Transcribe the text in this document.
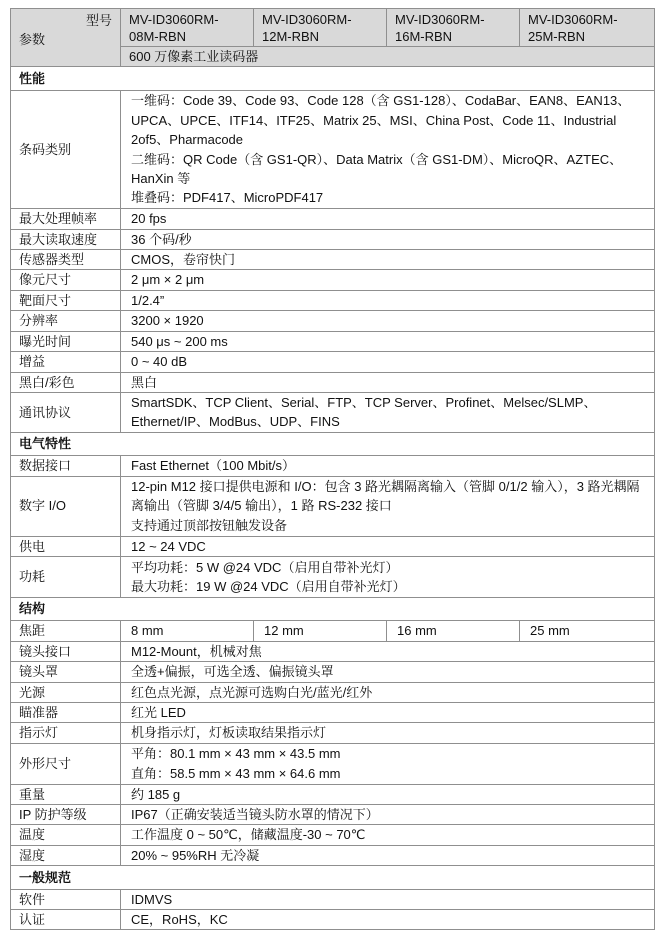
型号
参数	MV-ID3060RM-08M-RBN	MV-ID3060RM-12M-RBN	MV-ID3060RM-16M-RBN	MV-ID3060RM-25M-RBN
	600 万像素工业读码器			
性能				
条码类别	一维码：Code 39、Code 93、Code 128（含 GS1-128）、CodaBar、EAN8、EAN13、UPCA、UPCE、ITF14、ITF25、Matrix 25、MSI、China Post、Code 11、Industrial 2of5、Pharmacode
二维码：QR Code（含 GS1-QR）、Data Matrix（含 GS1-DM）、MicroQR、AZTEC、HanXin 等
堆叠码：PDF417、MicroPDF417			

最大处理帧率	20 fps			
最大读取速度	36 个码/秒			
传感器类型	CMOS，卷帘快门			
像元尺寸	2 μm × 2 μm			
靶面尺寸	1/2.4”			
分辨率	3200 × 1920			
曝光时间	540 μs ~ 200 ms			
增益	0 ~ 40 dB			
黑白/彩色	黑白			
通讯协议	SmartSDK、TCP Client、Serial、FTP、TCP Server、Profinet、Melsec/SLMP、Ethernet/IP、ModBus、UDP、FINS			
电气特性				
数据接口	Fast Ethernet（100 Mbit/s）			
数字 I/O	12-pin M12 接口提供电源和 I/O：包含 3 路光耦隔离输入（管脚 0/1/2 输入），3 路光耦隔离输出（管脚 3/4/5 输出），1 路 RS-232 接口
支持通过顶部按钮触发设备			

供电	12 ~ 24 VDC			
功耗	平均功耗：5 W @24 VDC（启用自带补光灯）
最大功耗：19 W @24 VDC（启用自带补光灯）			

结构				
焦距	8 mm	12 mm	16 mm	25 mm
镜头接口	M12-Mount，机械对焦			
镜头罩	全透+偏振，可选全透、偏振镜头罩			
光源	红色点光源，点光源可选购白光/蓝光/红外			
瞄准器	红光 LED			
指示灯	机身指示灯，灯板读取结果指示灯			
外形尺寸	平角：80.1 mm × 43 mm × 43.5 mm
直角：58.5 mm × 43 mm × 64.6 mm			

重量	约 185 g			
IP 防护等级	IP67（正确安装适当镜头防水罩的情况下）			
温度	工作温度 0 ~ 50℃，储藏温度-30 ~ 70℃			
湿度	20% ~ 95%RH 无冷凝			
一般规范				
软件	IDMVS			
认证	CE，RoHS，KC			
